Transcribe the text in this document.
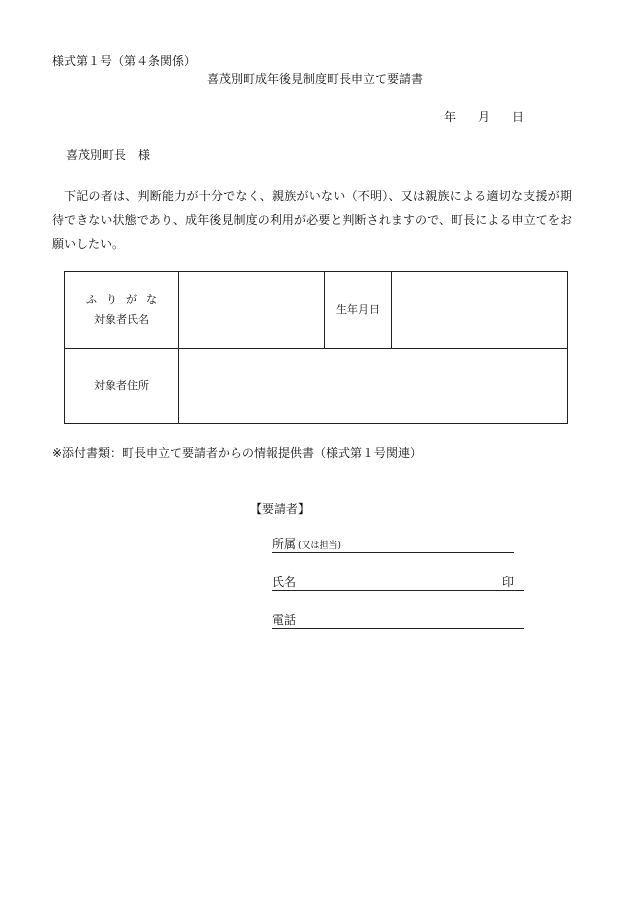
様式第１号（第４条関係）
喜茂別町成年後見制度町長申立て要請書
年 月 日
喜茂別町長　様
下記の者は、判断能力が十分でなく、親族がいない（不明）、又は親族による適切な支援が期待できない状態であり、成年後見制度の利用が必要と判断されますので、町長による申立てをお願いしたい。
ふりがな
対象者氏名		生年月日	
対象者住所			
※添付書類：町長申立て要請者からの情報提供書（様式第１号関連）
【要請者】
所属 (又は担当)
氏名	印
電話
